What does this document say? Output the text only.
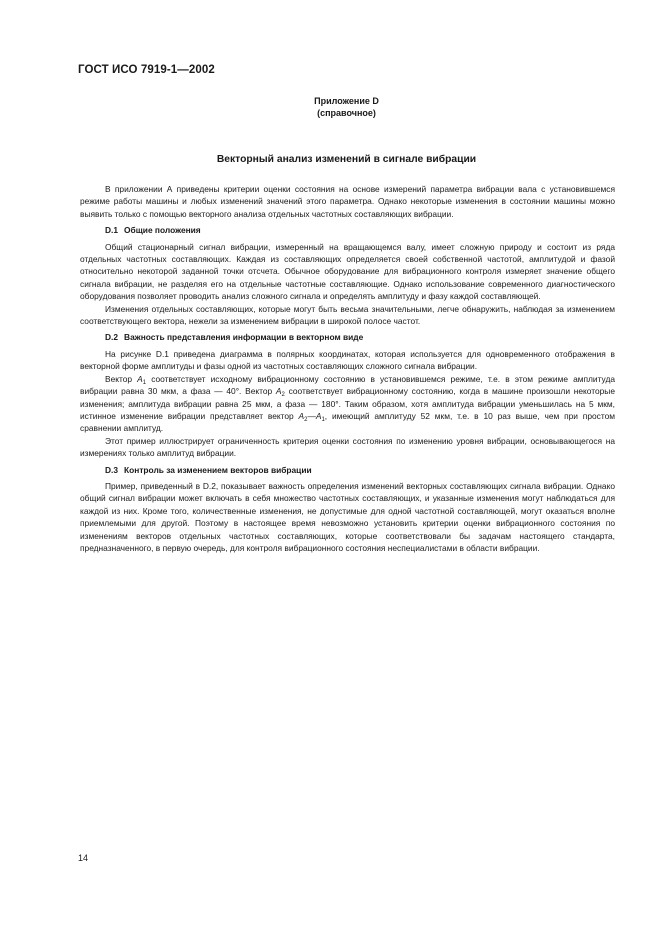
ГОСТ ИСО 7919-1—2002
Приложение D
(справочное)
Векторный анализ изменений в сигнале вибрации

В приложении А приведены критерии оценки состояния на основе измерений параметра вибрации вала с установившемся режиме работы машины и любых изменений значений этого параметра. Однако некоторые изменения в состоянии машины можно выявить только с помощью векторного анализа отдельных частотных составляющих вибрации.

D.1 Общие положения

Общий стационарный сигнал вибрации, измеренный на вращающемся валу, имеет сложную природу и состоит из ряда отдельных частотных составляющих. Каждая из составляющих определяется своей собственной частотой, амплитудой и фазой относительно некоторой заданной точки отсчета. Обычное оборудование для вибрационного контроля измеряет значение общего сигнала вибрации, не разделяя его на отдельные частотные составляющие. Однако использование современного диагностического оборудования позволяет проводить анализ сложного сигнала и определять амплитуду и фазу каждой составляющей.

Изменения отдельных составляющих, которые могут быть весьма значительными, легче обнаружить, наблюдая за изменением соответствующего вектора, нежели за изменением вибрации в широкой полосе частот.

D.2 Важность представления информации в векторном виде

На рисунке D.1 приведена диаграмма в полярных координатах, которая используется для одновременного отображения в векторной форме амплитуды и фазы одной из частотных составляющих сложного сигнала вибрации.

Вектор $A_1$ соответствует исходному вибрационному состоянию в установившемся режиме, т.е. в этом режиме амплитуда вибрации равна 30 мкм, а фаза — 40°. Вектор $A_2$ соответствует вибрационному состоянию, когда в машине произошли некоторые изменения; амплитуда вибрации равна 25 мкм, а фаза — 180°. Таким образом, хотя амплитуда вибрации уменьшилась на 5 мкм, истинное изменение вибрации представляет вектор $A_2—A_1$, имеющий амплитуду 52 мкм, т.е. в 10 раз выше, чем при простом сравнении амплитуд.

Этот пример иллюстрирует ограниченность критерия оценки состояния по изменению уровня вибрации, основывающегося на измерениях только амплитуд вибрации.

D.3 Контроль за изменением векторов вибрации

Пример, приведенный в D.2, показывает важность определения изменений векторных составляющих сигнала вибрации. Однако общий сигнал вибрации может включать в себя множество частотных составляющих, и указанные изменения могут наблюдаться для каждой из них. Кроме того, количественные изменения, не допустимые для одной частотной составляющей, могут оказаться вполне приемлемыми для другой. Поэтому в настоящее время невозможно установить критерии оценки вибрационного состояния по изменениям векторов отдельных частотных составляющих, которые соответствовали бы задачам настоящего стандарта, предназначенного, в первую очередь, для контроля вибрационного состояния неспециалистами в области вибрации.

14
